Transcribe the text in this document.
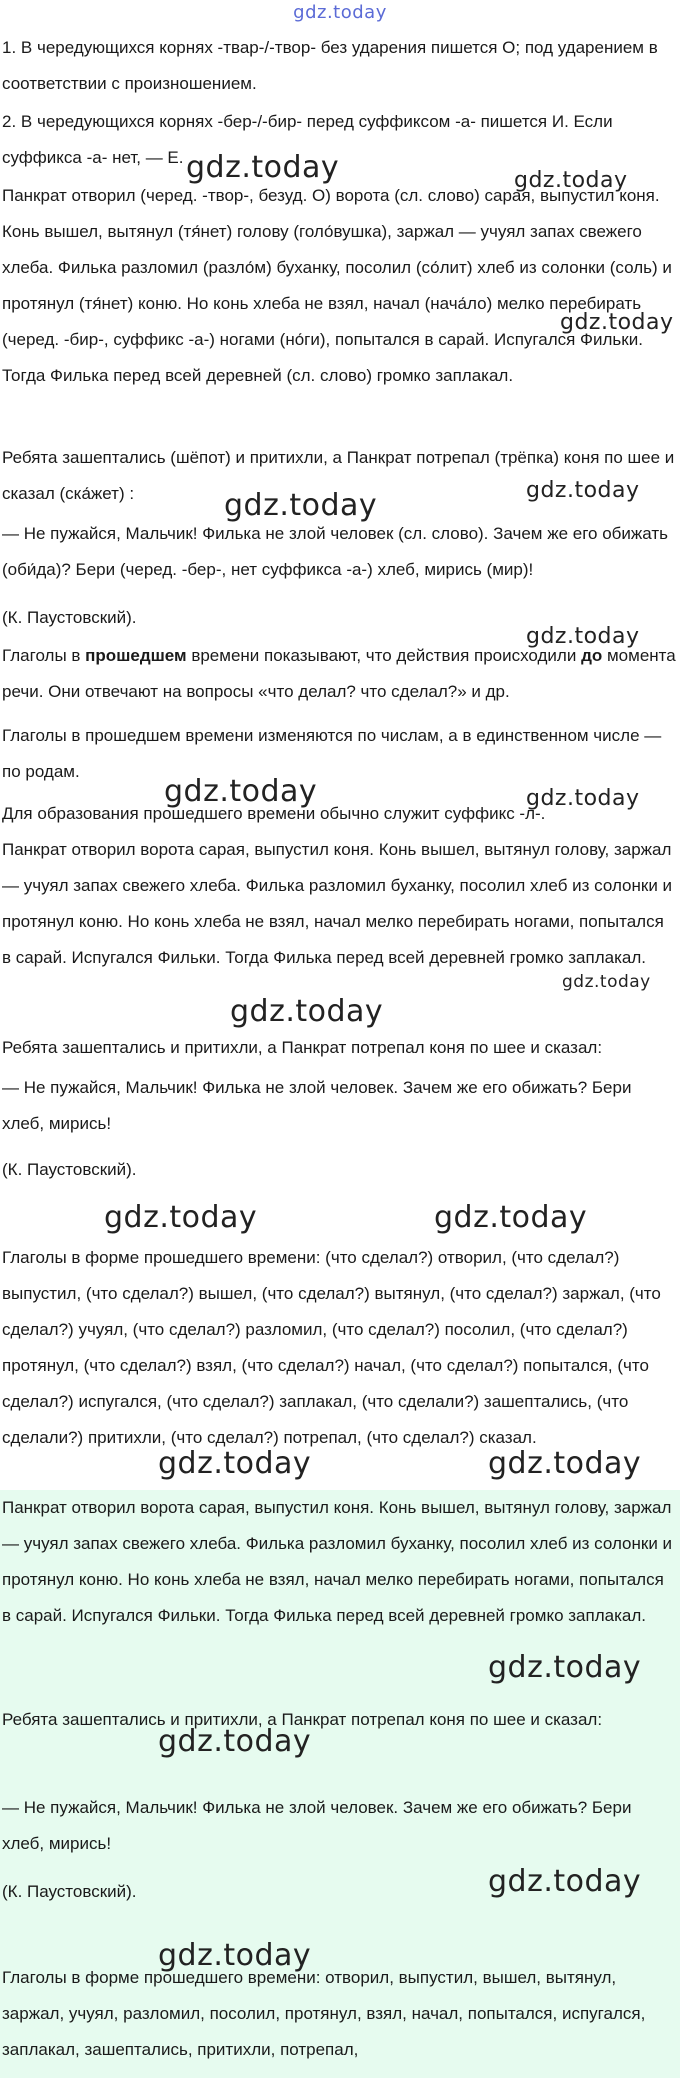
gdz.today

1. В чередующихся корнях -твар-/-твор- без ударения пишется О; под ударением в соответствии с произношением.

2. В чередующихся корнях -бер-/-бир- перед суффиксом -а- пишется И. Если суффикса -а- нет, — Е.

Панкрат отворил (черед. -твор-, безуд. О) ворота (сл. слово) сарая, выпустил коня. Конь вышел, вытянул (тя́нет) голову (голо́вушка), заржал — учуял запах свежего хлеба. Филька разломил (разло́м) буханку, посолил (со́лит) хлеб из солонки (соль) и протянул (тя́нет) коню. Но конь хлеба не взял, начал (нача́ло) мелко перебирать (черед. -бир-, суффикс -а-) ногами (но́ги), попытался в сарай. Испугался Фильки. Тогда Филька перед всей деревней (сл. слово) громко заплакал.

Ребята зашептались (шёпот) и притихли, а Панкрат потрепал (трёпка) коня по шее и сказал (ска́жет) :

— Не пужайся, Мальчик! Филька не злой человек (сл. слово). Зачем же его обижать (оби́да)? Бери (черед. -бер-, нет суффикса -а-) хлеб, мирись (мир)!

(К. Паустовский).

Глаголы в прошедшем времени показывают, что действия происходили до момента речи. Они отвечают на вопросы «что делал? что сделал?» и др.

Глаголы в прошедшем времени изменяются по числам, а в единственном числе — по родам.

Для образования прошедшего времени обычно служит суффикс -л-.

Панкрат отворил ворота сарая, выпустил коня. Конь вышел, вытянул голову, заржал — учуял запах свежего хлеба. Филька разломил буханку, посолил хлеб из солонки и протянул коню. Но конь хлеба не взял, начал мелко перебирать ногами, попытался в сарай. Испугался Фильки. Тогда Филька перед всей деревней громко заплакал.

Ребята зашептались и притихли, а Панкрат потрепал коня по шее и сказал:

— Не пужайся, Мальчик! Филька не злой человек. Зачем же его обижать? Бери хлеб, мирись!

(К. Паустовский).

Глаголы в форме прошедшего времени: (что сделал?) отворил, (что сделал?) выпустил, (что сделал?) вышел, (что сделал?) вытянул, (что сделал?) заржал, (что сделал?) учуял, (что сделал?) разломил, (что сделал?) посолил, (что сделал?) протянул, (что сделал?) взял, (что сделал?) начал, (что сделал?) попытался, (что сделал?) испугался, (что сделал?) заплакал, (что сделали?) зашептались, (что сделали?) притихли, (что сделал?) потрепал, (что сделал?) сказал.

Панкрат отворил ворота сарая, выпустил коня. Конь вышел, вытянул голову, заржал — учуял запах свежего хлеба. Филька разломил буханку, посолил хлеб из солонки и протянул коню. Но конь хлеба не взял, начал мелко перебирать ногами, попытался в сарай. Испугался Фильки. Тогда Филька перед всей деревней громко заплакал.

Ребята зашептались и притихли, а Панкрат потрепал коня по шее и сказал:

— Не пужайся, Мальчик! Филька не злой человек. Зачем же его обижать? Бери хлеб, мирись!

(К. Паустовский).

Глаголы в форме прошедшего времени: отворил, выпустил, вышел, вытянул, заржал, учуял, разломил, посолил, протянул, взял, начал, попытался, испугался, заплакал, зашептались, притихли, потрепал,

gdz.today	gdz.today
gdz.today
gdz.today	gdz.today
gdz.today
gdz.today	gdz.today
gdz.today
gdz.today
gdz.today	gdz.today
gdz.today	gdz.today
gdz.today
gdz.today
gdz.today
gdz.today
